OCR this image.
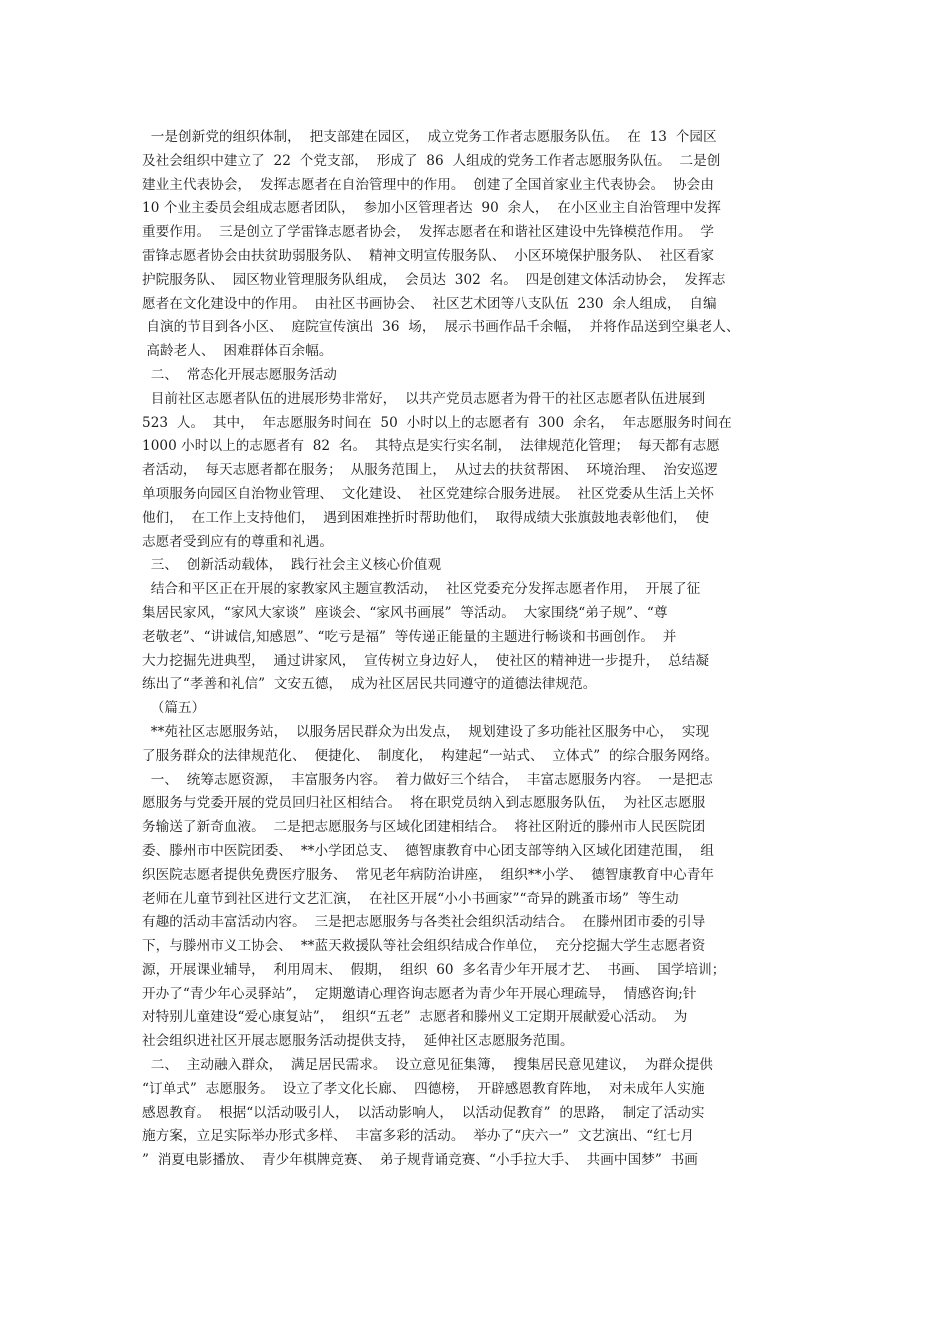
一是创新党的组织体制，  把支部建在园区，  成立党务工作者志愿服务队伍。  在  13  个园区
及社会组织中建立了  22  个党支部，  形成了  86  人组成的党务工作者志愿服务队伍。  二是创
建业主代表协会，  发挥志愿者在自治管理中的作用。  创建了全国首家业主代表协会。  协会由
10 个业主委员会组成志愿者团队，  参加小区管理者达  90  余人，  在小区业主自治管理中发挥
重要作用。  三是创立了学雷锋志愿者协会，  发挥志愿者在和谐社区建设中先锋模范作用。  学
雷锋志愿者协会由扶贫助弱服务队、  精神文明宣传服务队、  小区环境保护服务队、  社区看家
护院服务队、  园区物业管理服务队组成，  会员达  302  名。  四是创建文体活动协会，  发挥志
愿者在文化建设中的作用。  由社区书画协会、  社区艺术团等八支队伍  230  余人组成，  自编
自演的节目到各小区、  庭院宣传演出  36  场，  展示书画作品千余幅，  并将作品送到空巢老人、
高龄老人、  困难群体百余幅。
二、  常态化开展志愿服务活动
目前社区志愿者队伍的进展形势非常好，  以共产党员志愿者为骨干的社区志愿者队伍进展到
523  人。  其中，  年志愿服务时间在  50  小时以上的志愿者有  300  余名，  年志愿服务时间在
1000 小时以上的志愿者有  82  名。  其特点是实行实名制，  法律规范化管理；  每天都有志愿
者活动，  每天志愿者都在服务；  从服务范围上，  从过去的扶贫帮困、  环境治理、  治安巡逻
单项服务向园区自治物业管理、  文化建设、  社区党建综合服务进展。  社区党委从生活上关怀
他们，  在工作上支持他们，  遇到困难挫折时帮助他们，  取得成绩大张旗鼓地表彰他们，  使
志愿者受到应有的尊重和礼遇。
三、  创新活动载体，  践行社会主义核心价值观
结合和平区正在开展的家教家风主题宣教活动，  社区党委充分发挥志愿者作用，  开展了征
集居民家风，“家风大家谈”  座谈会、“家风书画展”  等活动。  大家围绕“弟子规”、“尊
老敬老”、“讲诚信,知感恩”、“吃亏是福”  等传递正能量的主题进行畅谈和书画创作。  并
大力挖掘先进典型，  通过讲家风，  宣传树立身边好人，  使社区的精神进一步提升，  总结凝
练出了“孝善和礼信”  文安五德，  成为社区居民共同遵守的道德法律规范。
（篇五）
**苑社区志愿服务站，  以服务居民群众为出发点，  规划建设了多功能社区服务中心，  实现
了服务群众的法律规范化、  便捷化、  制度化，  构建起“一站式、  立体式”  的综合服务网络。
一、  统筹志愿资源，  丰富服务内容。  着力做好三个结合，  丰富志愿服务内容。  一是把志
愿服务与党委开展的党员回归社区相结合。  将在职党员纳入到志愿服务队伍，  为社区志愿服
务输送了新奇血液。  二是把志愿服务与区域化团建相结合。  将社区附近的滕州市人民医院团
委、滕州市中医院团委、  **小学团总支、  德智康教育中心团支部等纳入区域化团建范围，  组
织医院志愿者提供免费医疗服务、  常见老年病防治讲座，  组织**小学、  德智康教育中心青年
老师在儿童节到社区进行文艺汇演，  在社区开展“小小书画家”“奇异的跳蚤市场”  等生动
有趣的活动丰富活动内容。  三是把志愿服务与各类社会组织活动结合。  在滕州团市委的引导
下，与滕州市义工协会、  **蓝天救援队等社会组织结成合作单位，  充分挖掘大学生志愿者资
源，开展课业辅导，  利用周末、  假期，  组织  60  多名青少年开展才艺、  书画、  国学培训；
开办了“青少年心灵驿站”，  定期邀请心理咨询志愿者为青少年开展心理疏导，  情感咨询;针
对特别儿童建设“爱心康复站”，  组织“五老”  志愿者和滕州义工定期开展献爱心活动。  为
社会组织进社区开展志愿服务活动提供支持，  延伸社区志愿服务范围。
二、  主动融入群众，  满足居民需求。  设立意见征集簿，  搜集居民意见建议，  为群众提供
“订单式”  志愿服务。  设立了孝文化长廊、  四德榜，  开辟感恩教育阵地，  对未成年人实施
感恩教育。  根据“以活动吸引人，  以活动影响人，  以活动促教育”  的思路，  制定了活动实
施方案，立足实际举办形式多样、  丰富多彩的活动。  举办了“庆六一”  文艺演出、“红七月
”  消夏电影播放、  青少年棋牌竞赛、  弟子规背诵竞赛、“小手拉大手、  共画中国梦”  书画
